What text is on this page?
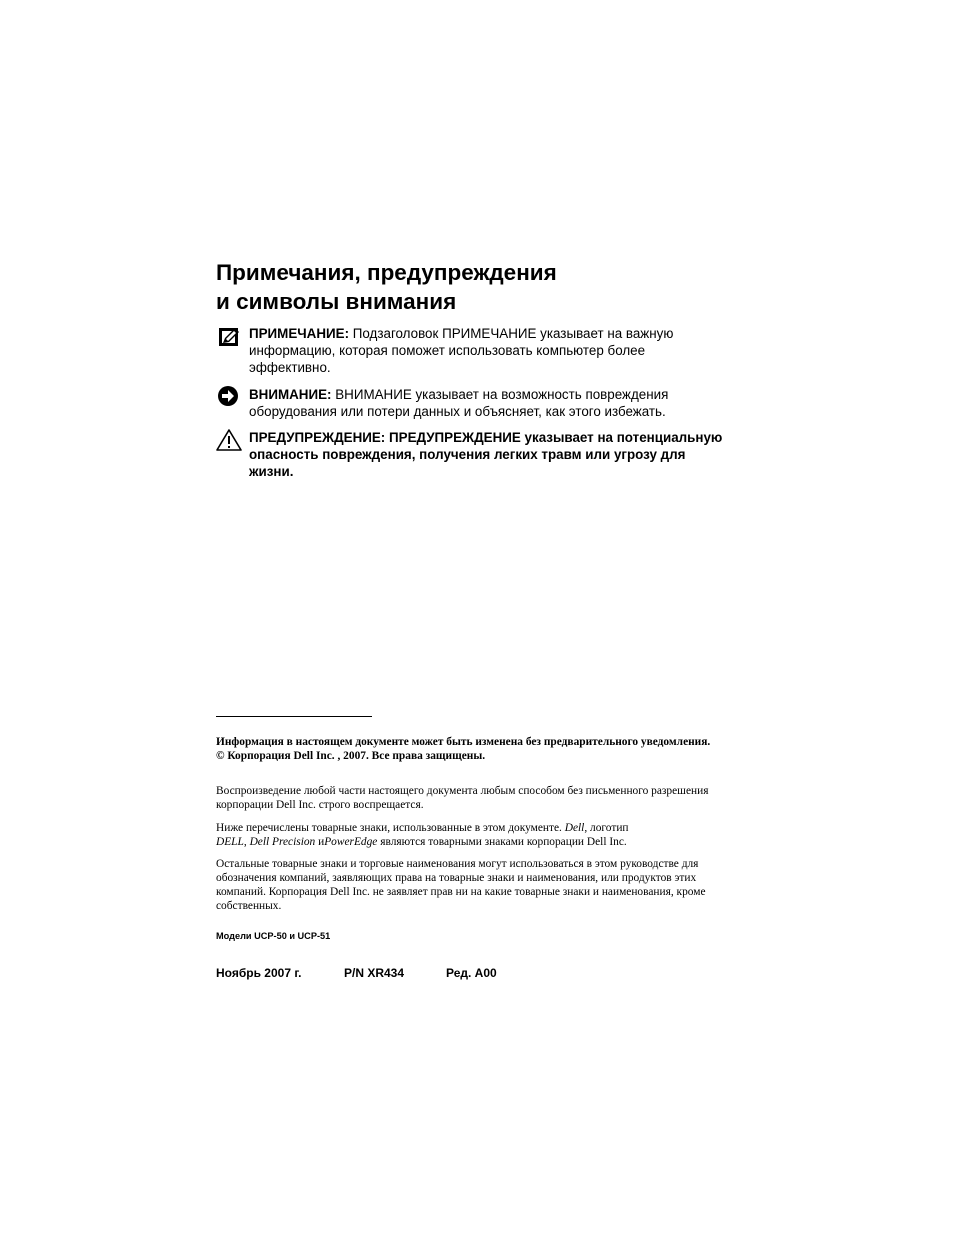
Примечания, предупреждения
и символы внимания
ПРИМЕЧАНИЕ: Подзаголовок ПРИМЕЧАНИЕ указывает на важную информацию, которая поможет использовать компьютер более эффективно.
ВНИМАНИЕ: ВНИМАНИЕ указывает на возможность повреждения оборудования или потери данных и объясняет, как этого избежать.
ПРЕДУПРЕЖДЕНИЕ: ПРЕДУПРЕЖДЕНИЕ указывает на потенциальную опасность повреждения, получения легких травм или угрозу для жизни.

Информация в настоящем документе может быть изменена без предварительного уведомления.
© Корпорация Dell Inc. , 2007. Все права защищены.

Воспроизведение любой части настоящего документа любым способом без письменного разрешения корпорации Dell Inc. строго воспрещается.

Ниже перечислены товарные знаки, использованные в этом документе. Dell, логотип
DELL, Dell Precision иPowerEdge являются товарными знаками корпорации Dell Inc.

Остальные товарные знаки и торговые наименования могут использоваться в этом руководстве для обозначения компаний, заявляющих права на товарные знаки и наименования, или продуктов этих компаний. Корпорация Dell Inc. не заявляет прав ни на какие товарные знаки и наименования, кроме собственных.

Модели UCP-50 и UCP-51
Ноябрь 2007 г.	P/N XR434	Ред. A00
